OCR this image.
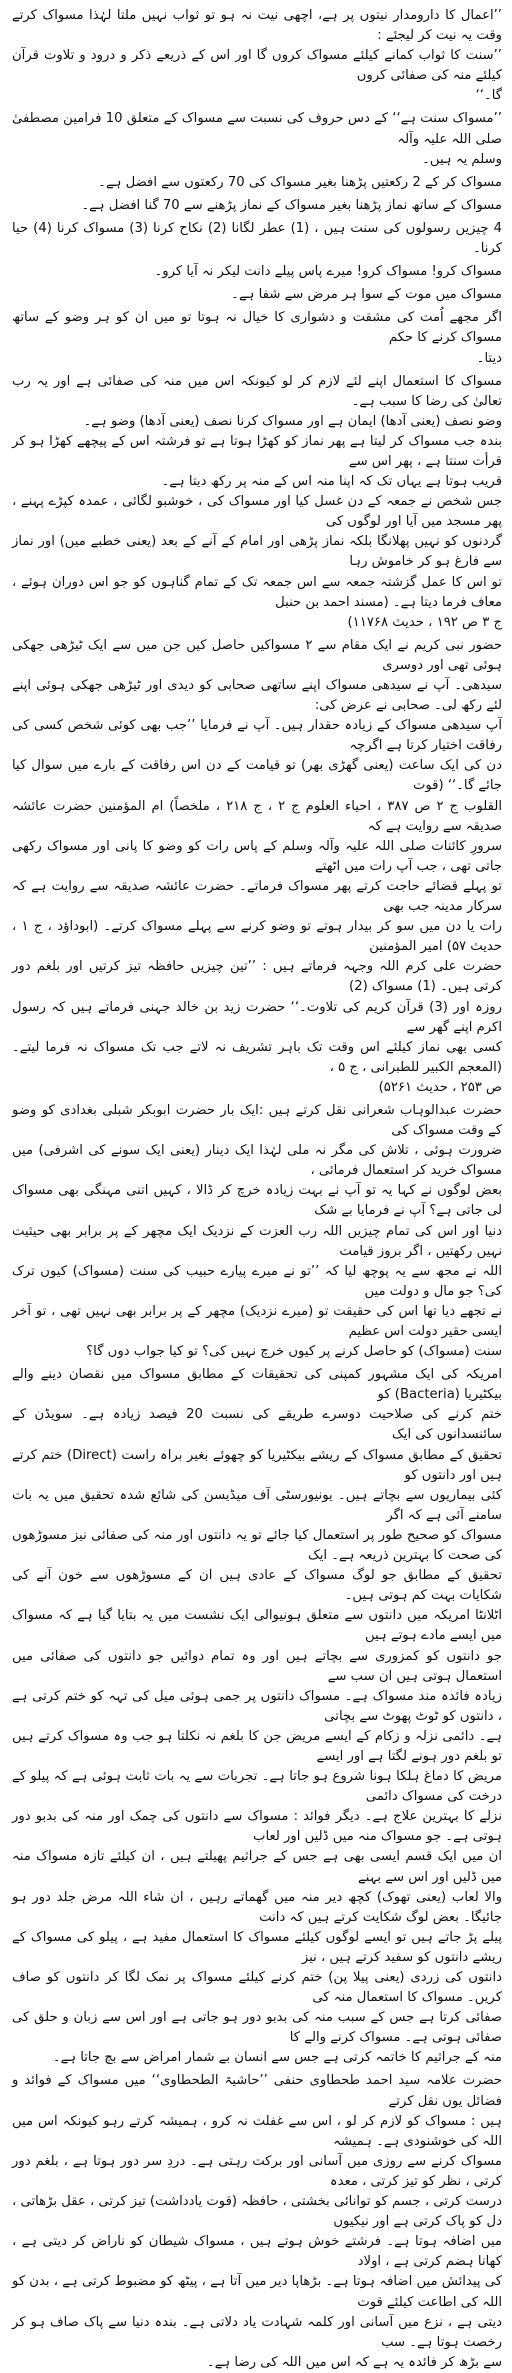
’’اعمال کا دارومدار نیتوں پر ہے، اچھی نیت نہ ہو تو ثواب نہیں ملتا لہٰذا مسواک کرتے وقت یہ نیت کر لیجئے :
’’سنت کا ثواب کمانے کیلئے مسواک کروں گا اور اس کے ذریعے ذکر و درود و تلاوت قرآن کیلئے منہ کی صفائی کروں
گا۔‘‘
’’مسواک سنت ہے‘‘ کے دس حروف کی نسبت سے مسواک کے متعلق 10 فرامین مصطفیٰ صلی اللہ علیہ وآلہ
وسلم یہ ہیں۔
مسواک کر کے 2 رکعتیں پڑھنا بغیر مسواک کی 70 رکعتوں سے افضل ہے۔
مسواک کے ساتھ نماز پڑھنا بغیر مسواک کے نماز پڑھنے سے 70 گنا افضل ہے۔
4 چیزیں رسولوں کی سنت ہیں ، (1) عطر لگانا (2) نکاح کرنا (3) مسواک کرنا (4) حیا کرنا۔
مسواک کرو! مسواک کرو! میرے پاس پیلے دانت لیکر نہ آیا کرو۔
مسواک میں موت کے سوا ہر مرض سے شفا ہے۔
اگر مجھے اُمت کی مشقت و دشواری کا خیال نہ ہوتا تو میں ان کو ہر وضو کے ساتھ مسواک کرنے کا حکم
دیتا۔
مسواک کا استعمال اپنے لئے لازم کر لو کیونکہ اس میں منہ کی صفائی ہے اور یہ رب تعالیٰ کی رضا کا سبب ہے۔
وضو نصف (یعنی آدھا) ایمان ہے اور مسواک کرنا نصف (یعنی آدھا) وضو ہے۔
بندہ جب مسواک کر لیتا ہے پھر نماز کو کھڑا ہوتا ہے تو فرشتہ اس کے پیچھے کھڑا ہو کر قرأت سنتا ہے ، پھر اس سے
قریب ہوتا ہے یہاں تک کہ اپنا منہ اس کے منہ پر رکھ دیتا ہے۔
جس شخص نے جمعہ کے دن غسل کیا اور مسواک کی ، خوشبو لگائی ، عمدہ کپڑے پہنے ، پھر مسجد میں آیا اور لوگوں کی
گردنوں کو نہیں پھلانگا بلکہ نماز پڑھی اور امام کے آنے کے بعد (یعنی خطبے میں) اور نماز سے فارغ ہو کر خاموش رہا
تو اس کا عمل گزشتہ جمعہ سے اس جمعہ تک کے تمام گناہوں کو جو اس دوران ہوئے ، معاف فرما دیتا ہے۔ (مسند احمد بن حنبل
ج ۳ ص ۱۹۲ ، حدیث ۱۱۷۶۸)
حضور نبی کریم نے ایک مقام سے ۲ مسواکیں حاصل کیں جن میں سے ایک ٹیڑھی جھکی ہوئی تھی اور دوسری
سیدھی۔ آپ نے سیدھی مسواک اپنے ساتھی صحابی کو دیدی اور ٹیڑھی جھکی ہوئی اپنے لئے رکھ لی۔ صحابی نے عرض کی:
آپ سیدھی مسواک کے زیادہ حقدار ہیں۔ آپ نے فرمایا ’’جب بھی کوئی شخص کسی کی رفاقت اختیار کرتا ہے اگرچہ
دن کی ایک ساعت (یعنی گھڑی بھر) تو قیامت کے دن اس رفاقت کے بارے میں سوال کیا جائے گا۔‘‘ (قوت
القلوب ج ۲ ص ۳۸۷ ، احیاء العلوم ج ۲ ، ج ۲۱۸ ، ملخصاً) ام المؤمنین حضرت عائشہ صدیقہ سے روایت ہے کہ
سرورِ کائنات صلی اللہ علیہ وآلہ وسلم کے پاس رات کو وضو کا پانی اور مسواک رکھی جاتی تھی ، جب آپ رات میں اٹھتے
تو پہلے قضائے حاجت کرتے پھر مسواک فرماتے۔ حضرت عائشہ صدیقہ سے روایت ہے کہ سرکار مدینہ جب بھی
رات یا دن میں سو کر بیدار ہوتے تو وضو کرنے سے پہلے مسواک کرتے۔ (ابوداؤد ، ج ۱ ، حدیث ۵۷) امیر المؤمنین
حضرت علی کرم اللہ وجہہ فرماتے ہیں : ’’تین چیزیں حافظہ تیز کرتیں اور بلغم دور کرتی ہیں۔ (1) مسواک (2)
روزہ اور (3) قرآن کریم کی تلاوت۔‘‘ حضرت زید بن خالد جہنی فرماتے ہیں کہ رسول اکرم اپنے گھر سے
کسی بھی نماز کیلئے اس وقت تک باہر تشریف نہ لاتے جب تک مسواک نہ فرما لیتے۔ (المعجم الکبیر للطبرانی ، ج ۵ ،
ص ۲۵۳ ، حدیث ۵۲۶۱)
حضرت عبدالوہاب شعرانی نقل کرتے ہیں :ایک بار حضرت ابوبکر شبلی بغدادی کو وضو کے وقت مسواک کی
ضرورت ہوئی ، تلاش کی مگر نہ ملی لہٰذا ایک دینار (یعنی ایک سونے کی اشرفی) میں مسواک خرید کر استعمال فرمائی ،
بعض لوگوں نے کہا یہ تو آپ نے بہت زیادہ خرچ کر ڈالا ، کہیں اتنی مہنگی بھی مسواک لی جاتی ہے؟ آپ نے فرمایا بے شک
دنیا اور اس کی تمام چیزیں اللہ رب العزت کے نزدیک ایک مچھر کے پر برابر بھی حیثیت نہیں رکھتیں ، اگر بروز قیامت
اللہ نے مجھ سے یہ پوچھ لیا کہ ’’تو نے میرے پیارے حبیب کی سنت (مسواک) کیوں ترک کی؟ جو مال و دولت میں
نے تجھے دیا تھا اس کی حقیقت تو (میرے نزدیک) مچھر کے پر برابر بھی نہیں تھی ، تو آخر ایسی حقیر دولت اس عظیم
سنت (مسواک) کو حاصل کرنے پر کیوں خرچ نہیں کی؟ تو کیا جواب دوں گا؟
امریکہ کی ایک مشہور کمپنی کی تحقیقات کے مطابق مسواک میں نقصان دینے والے بیکٹیریا (Bacteria) کو
ختم کرنے کی صلاحیت دوسرے طریقے کی نسبت 20 فیصد زیادہ ہے۔ سویڈن کے سائنسدانوں کی ایک
تحقیق کے مطابق مسواک کے ریشے بیکٹیریا کو چھوئے بغیر براہ راست (Direct) ختم کرتے ہیں اور دانتوں کو
کئی بیماریوں سے بچاتے ہیں۔ یونیورسٹی آف میڈیسن کی شائع شدہ تحقیق میں یہ بات سامنے آئی ہے کہ اگر
مسواک کو صحیح طور پر استعمال کیا جائے تو یہ دانتوں اور منہ کی صفائی نیز مسوڑھوں کی صحت کا بہترین ذریعہ ہے۔ ایک
تحقیق کے مطابق جو لوگ مسواک کے عادی ہیں ان کے مسوڑھوں سے خون آنے کی شکایات بہت کم ہوتی ہیں۔
اٹلانٹا امریکہ میں دانتوں سے متعلق ہونیوالی ایک نشست میں یہ بتایا گیا ہے کہ مسواک میں ایسے مادے ہوتے ہیں
جو دانتوں کو کمزوری سے بچاتے ہیں اور وہ تمام دوائیں جو دانتوں کی صفائی میں استعمال ہوتی ہیں ان سب سے
زیادہ فائدہ مند مسواک ہے۔ مسواک دانتوں پر جمی ہوئی میل کی تہہ کو ختم کرتی ہے ، دانتوں کو ٹوٹ پھوٹ سے بچاتی
ہے۔ دائمی نزلہ و زکام کے ایسے مریض جن کا بلغم نہ نکلتا ہو جب وہ مسواک کرتے ہیں تو بلغم دور ہونے لگتا ہے اور ایسے
مریض کا دماغ ہلکا ہونا شروع ہو جاتا ہے۔ تجربات سے یہ بات ثابت ہوئی ہے کہ پیلو کے درخت کی مسواک دائمی
نزلے کا بہترین علاج ہے۔ دیگر فوائد : مسواک سے دانتوں کی چمک اور منہ کی بدبو دور ہوتی ہے۔ جو مسواک منہ میں ڈلیں اور لعاب
ان میں ایک قسم ایسی بھی ہے جس کے جراثیم پھیلتے ہیں ، ان کیلئے تازہ مسواک منہ میں ڈلیں اور اس سے بہنے
والا لعاب (یعنی تھوک) کچھ دیر منہ میں گھماتے رہیں ، ان شاء اللہ مرض جلد دور ہو جائیگا۔ بعض لوگ شکایت کرتے ہیں کہ دانت
پیلے پڑ جاتے ہیں تو ایسے لوگوں کیلئے مسواک کا استعمال مفید ہے ، پیلو کی مسواک کے ریشے دانتوں کو سفید کرتے ہیں ، نیز
دانتوں کی زردی (یعنی پیلا پن) ختم کرنے کیلئے مسواک پر نمک لگا کر دانتوں کو صاف کریں۔ مسواک کا استعمال منہ کی
صفائی کرتا ہے جس کے سبب منہ کی بدبو دور ہو جاتی ہے اور اس سے زبان و حلق کی صفائی ہوتی ہے۔ مسواک کرنے والے کا
منہ کے جراثیم کا خاتمہ کرتی ہے جس سے انسان بے شمار امراض سے بچ جاتا ہے۔
حضرت علامہ سید احمد طحطاوی حنفی ’’حاشیۃ الطحطاوی‘‘ میں مسواک کے فوائد و فضائل یوں نقل کرتے
ہیں : مسواک کو لازم کر لو ، اس سے غفلت نہ کرو ، ہمیشہ کرتے رہو کیونکہ اس میں اللہ کی خوشنودی ہے۔ ہمیشہ
مسواک کرنے سے روزی میں آسانی اور برکت رہتی ہے۔ دردِ سر دور ہوتا ہے ، بلغم دور کرتی ، نظر کو تیز کرتی ، معدہ
درست کرتی ، جسم کو توانائی بخشتی ، حافظہ (قوت یادداشت) تیز کرتی ، عقل بڑھاتی ، دل کو پاک کرتی ہے اور نیکیوں
میں اضافہ ہوتا ہے۔ فرشتے خوش ہوتے ہیں ، مسواک شیطان کو ناراض کر دیتی ہے ، کھانا ہضم کرتی ہے ، اولاد
کی پیدائش میں اضافہ ہوتا ہے۔ بڑھاپا دیر میں آتا ہے ، پیٹھ کو مضبوط کرتی ہے ، بدن کو اللہ کی اطاعت کیلئے قوت
دیتی ہے ، نزع میں آسانی اور کلمہ شہادت یاد دلاتی ہے۔ بندہ دنیا سے پاک صاف ہو کر رخصت ہوتا ہے۔ سب
سے بڑھ کر فائدہ یہ ہے کہ اس میں اللہ کی رضا ہے۔
